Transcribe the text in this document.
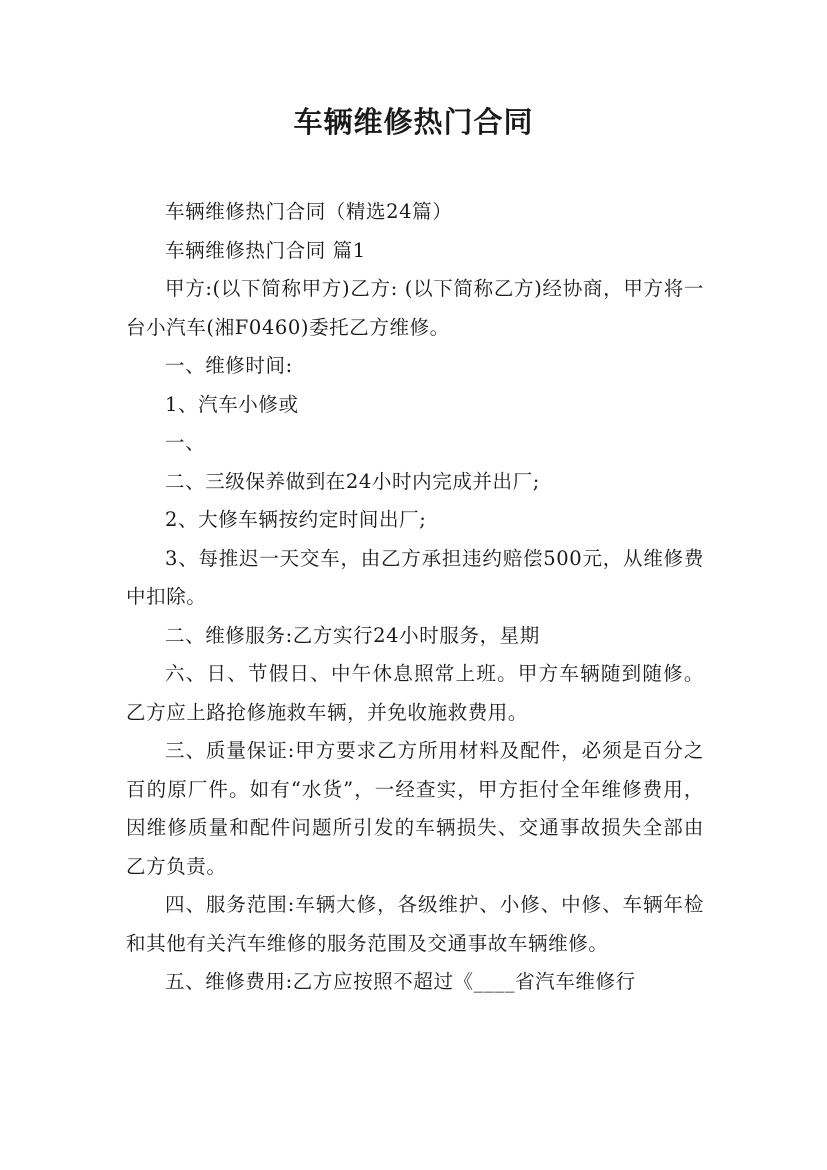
车辆维修热门合同

车辆维修热门合同（精选24篇）

车辆维修热门合同 篇1

甲方:(以下简称甲方)乙方: (以下简称乙方)经协商，甲方将一台小汽车(湘F0460)委托乙方维修。

一、维修时间:

1、汽车小修或

一、

二、三级保养做到在24小时内完成并出厂;

2、大修车辆按约定时间出厂;

3、每推迟一天交车，由乙方承担违约赔偿500元，从维修费中扣除。

二、维修服务:乙方实行24小时服务，星期

六、日、节假日、中午休息照常上班。甲方车辆随到随修。乙方应上路抢修施救车辆，并免收施救费用。

三、质量保证:甲方要求乙方所用材料及配件，必须是百分之百的原厂件。如有“水货”，一经查实，甲方拒付全年维修费用，因维修质量和配件问题所引发的车辆损失、交通事故损失全部由乙方负责。

四、服务范围:车辆大修，各级维护、小修、中修、车辆年检和其他有关汽车维修的服务范围及交通事故车辆维修。

五、维修费用:乙方应按照不超过《____省汽车维修行
